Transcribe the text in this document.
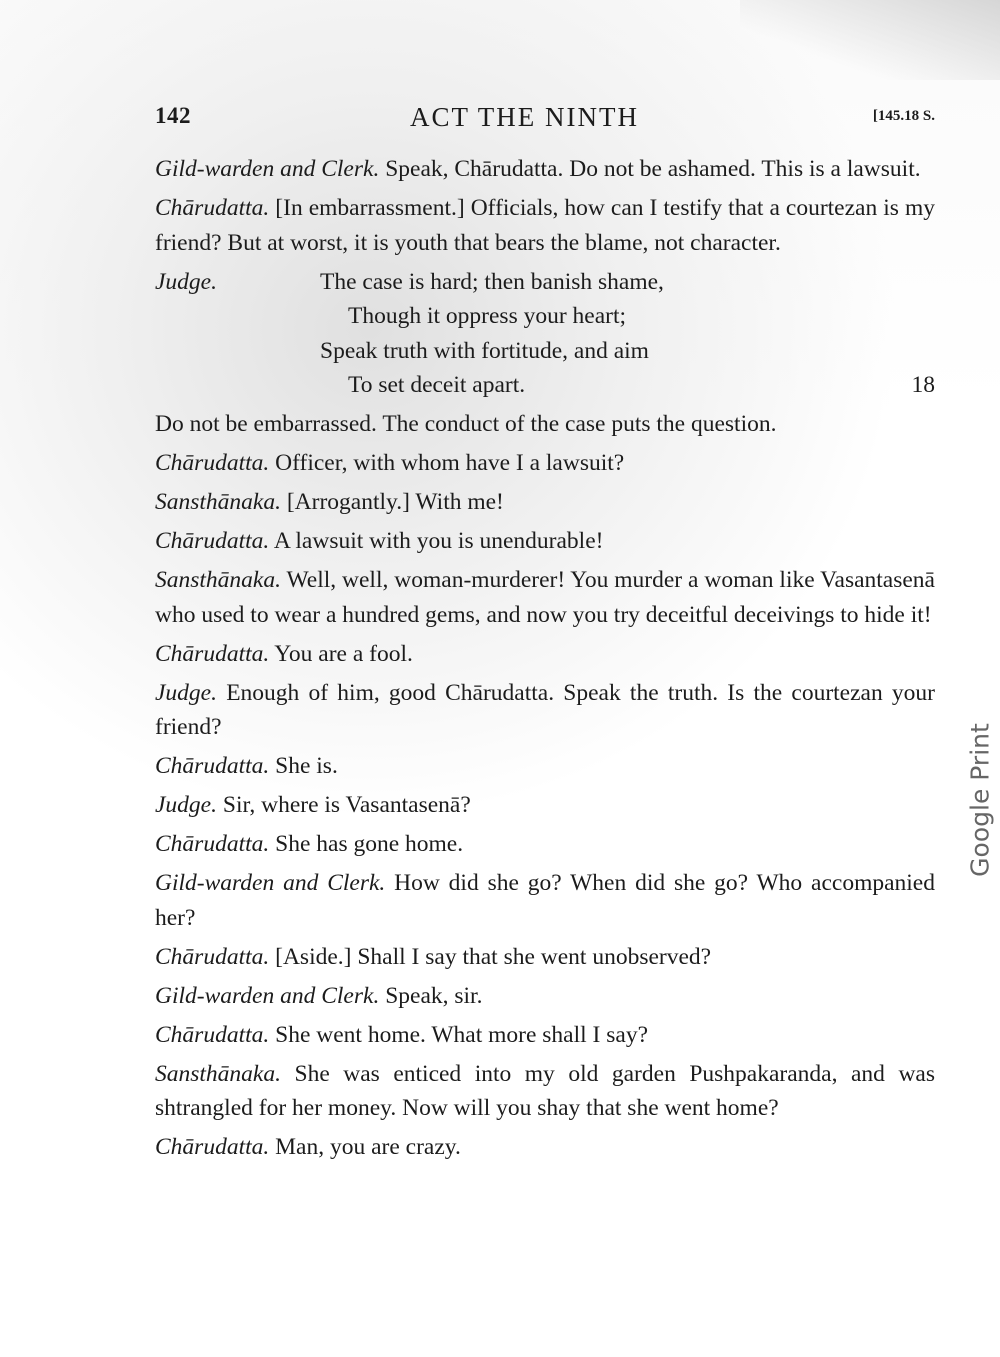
142	ACT THE NINTH	[145.18 S.

Gild-warden and Clerk. Speak, Chārudatta. Do not be ashamed. This is a lawsuit.

Chārudatta. [In embarrassment.] Officials, how can I testify that a courtezan is my friend? But at worst, it is youth that bears the blame, not character.

Judge.	The case is hard; then banish shame,
Though it oppress your heart;
Speak truth with fortitude, and aim
To set deceit apart.	18

Do not be embarrassed. The conduct of the case puts the question.

Chārudatta. Officer, with whom have I a lawsuit?

Sansthānaka. [Arrogantly.] With me!

Chārudatta. A lawsuit with you is unendurable!

Sansthānaka. Well, well, woman-murderer! You murder a woman like Vasantasenā who used to wear a hundred gems, and now you try deceitful deceivings to hide it!

Chārudatta. You are a fool.

Judge. Enough of him, good Chārudatta. Speak the truth. Is the courtezan your friend?

Chārudatta. She is.

Judge. Sir, where is Vasantasenā?

Chārudatta. She has gone home.

Gild-warden and Clerk. How did she go? When did she go? Who accompanied her?

Chārudatta. [Aside.] Shall I say that she went unobserved?

Gild-warden and Clerk. Speak, sir.

Chārudatta. She went home. What more shall I say?

Sansthānaka. She was enticed into my old garden Pushpakaranda, and was shtrangled for her money. Now will you shay that she went home?

Chārudatta. Man, you are crazy.

Google Print
